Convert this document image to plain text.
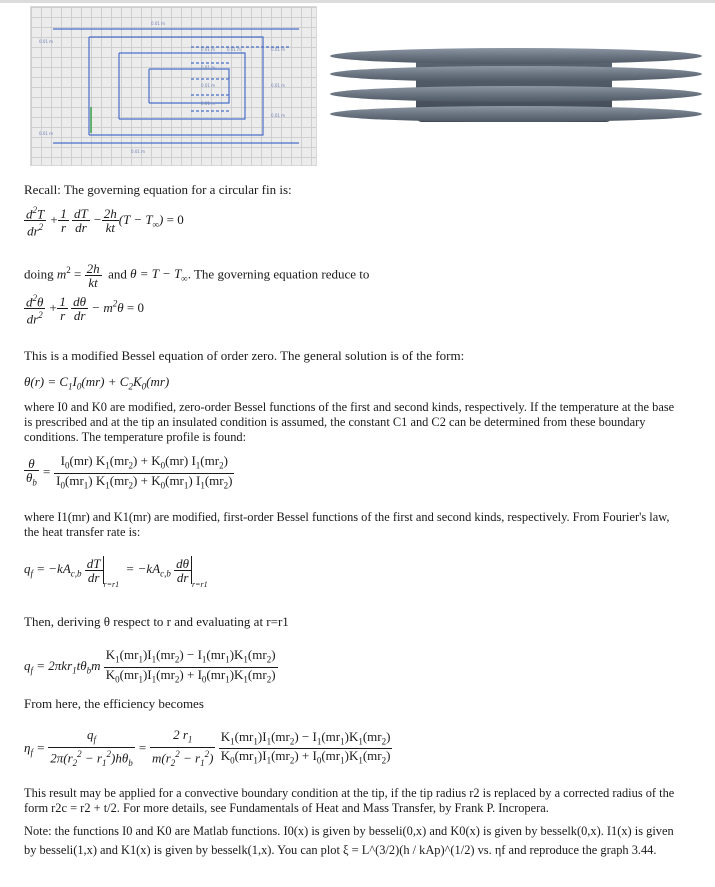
0.01 m
0.01 m
0.01 m	0.01 m	0.01 m
0.01 m
0.01 m	0.01 m
0.01 m
0.01 m
0.01 m
0.01 m
Recall: The governing equation for a circular fin is:
$\frac{d^2T}{dr^2} + \frac{1}{r}$
$\frac{dT}{dr} - \frac{2h}{kt} (T - T_\infty) = 0$
doing $m^2 = \frac{2h}{kt}$ and $\theta = T - T_\infty$. The governing equation reduce to
$\frac{d^2\theta}{dr^2} + \frac{1}{r}$
$\frac{d\theta}{dr} - m^2\theta = 0$
This is a modified Bessel equation of order zero. The general solution is of the form:
$\theta(r) = C_1I_0(mr) + C_2K_0(mr)$
where I0 and K0 are modified, zero-order Bessel functions of the first and second kinds, respectively. If the temperature at the base is prescribed and at the tip an insulated condition is assumed, the constant C1 and C2 can be determined from these boundary conditions. The temperature profile is found:
$\frac{\theta}{\theta_b} = \frac{I_0(mr) K_1(mr_2) + K_0(mr) I_1(mr_2)}{I_0(mr_1) K_1(mr_2) + K_0(mr_1) I_1(mr_2)}$
where I1(mr) and K1(mr) are modified, first-order Bessel functions of the first and second kinds, respectively. From Fourier's law, the heat transfer rate is:
$q_f = -kA_{c,b} \frac{dT}{dr}$
$_{r=r1} = -kA_{c,b} \frac{d\theta}{dr}$
$_{r=r1}$
Then, deriving θ respect to r and evaluating at r=r1
$q_f = 2\pi kr_1t\theta_bm \frac{K_1(mr_1)I_1(mr_2) - I_1(mr_1)K_1(mr_2)}{K_0(mr_1)I_1(mr_2) + I_0(mr_1)K_1(mr_2)}$
From here, the efficiency becomes
$\eta_f = \frac{q_f}{2\pi(r_2^2 - r_1^2)h\theta_b} = \frac{2 r_1}{m(r_2^2 - r_1^2)}$
$\frac{K_1(mr_1)I_1(mr_2) - I_1(mr_1)K_1(mr_2)}{K_0(mr_1)I_1(mr_2) + I_0(mr_1)K_1(mr_2)}$
This result may be applied for a convective boundary condition at the tip, if the tip radius r2 is replaced by a corrected radius of the form r2c = r2 + t/2. For more details, see Fundamentals of Heat and Mass Transfer, by Frank P. Incropera.
Note: the functions I0 and K0 are Matlab functions. I0(x) is given by besseli(0,x) and K0(x) is given by besselk(0,x). I1(x) is given by besseli(1,x) and K1(x) is given by besselk(1,x). You can plot ξ = L^(3/2)(h / kAp)^(1/2) vs. ηf and reproduce the graph 3.44.
